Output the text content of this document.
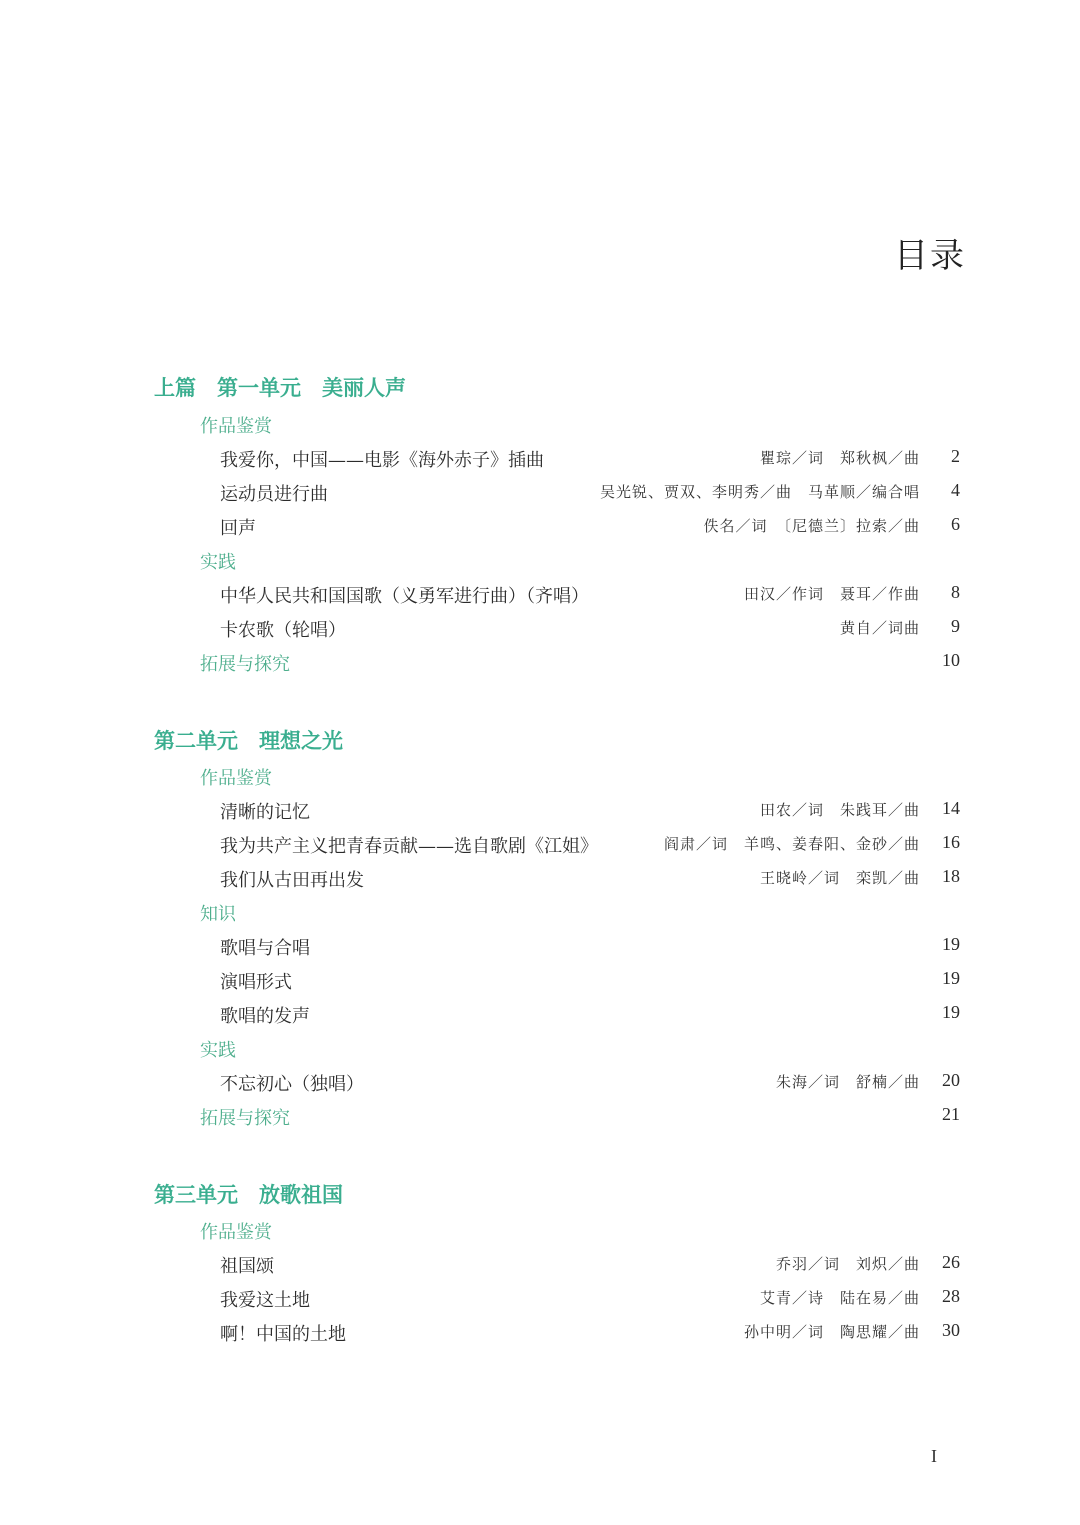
目录
上篇　第一单元　美丽人声
作品鉴赏
我爱你，中国——电影《海外赤子》插曲	瞿琮／词　郑秋枫／曲 2
运动员进行曲	吴光锐、贾双、李明秀／曲　马革顺／编合唱 4
回声	佚名／词　〔尼德兰〕拉索／曲 6
实践
中华人民共和国国歌（义勇军进行曲）（齐唱）	田汉／作词　聂耳／作曲 8
卡农歌（轮唱）	黄自／词曲 9
拓展与探究	10
第二单元　理想之光
作品鉴赏
清晰的记忆	田农／词　朱践耳／曲 14
我为共产主义把青春贡献——选自歌剧《江姐》	阎肃／词　羊鸣、姜春阳、金砂／曲 16
我们从古田再出发	王晓岭／词　栾凯／曲 18
知识
歌唱与合唱	19
演唱形式	19
歌唱的发声	19
实践
不忘初心（独唱）	朱海／词　舒楠／曲 20
拓展与探究	21
第三单元　放歌祖国
作品鉴赏
祖国颂	乔羽／词　刘炽／曲 26
我爱这土地	艾青／诗　陆在易／曲 28
啊！中国的土地	孙中明／词　陶思耀／曲 30
I
